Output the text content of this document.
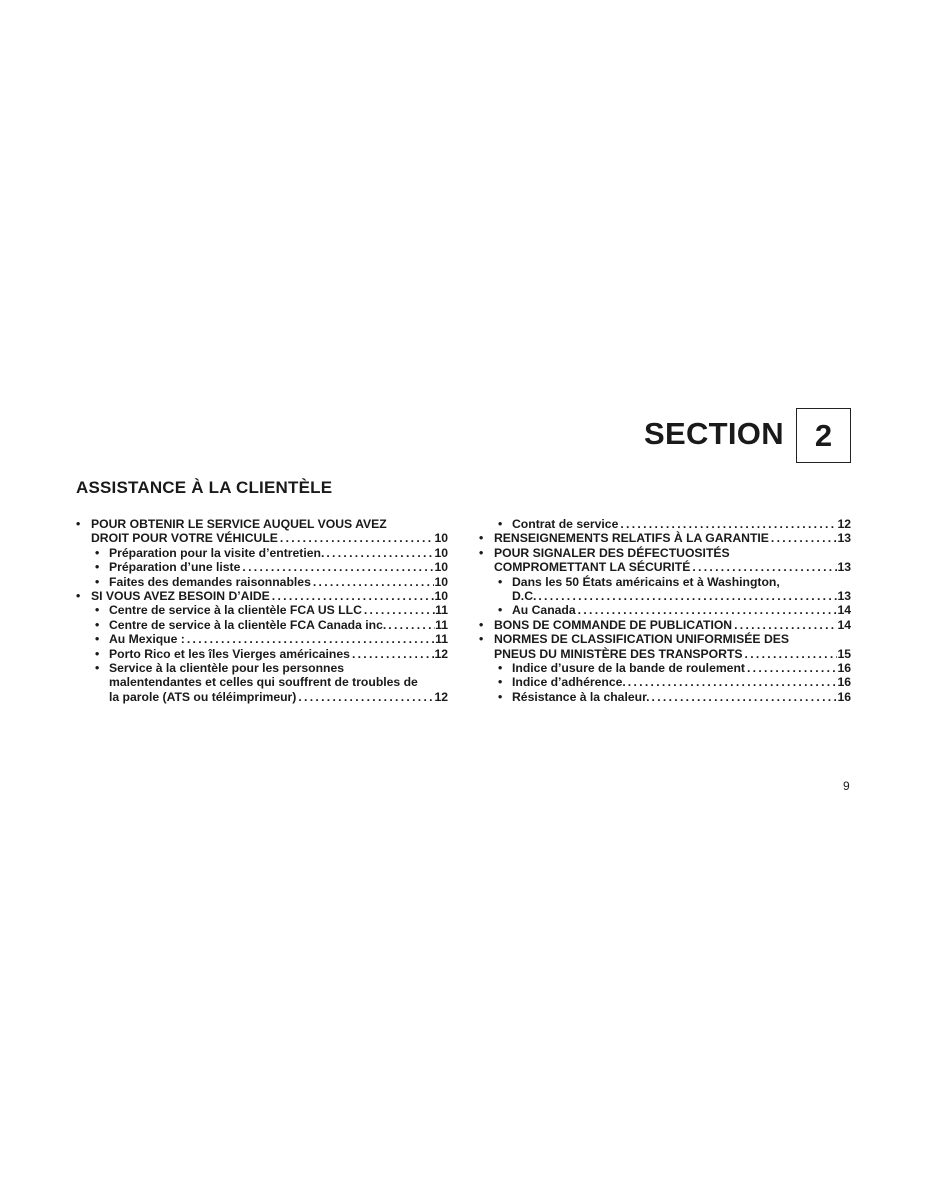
SECTION 2
ASSISTANCE À LA CLIENTÈLE
• POUR OBTENIR LE SERVICE AUQUEL VOUS AVEZ
DROIT POUR VOTRE VÉHICULE .....	10
• Préparation pour la visite d’entretien. .....	10
• Préparation d’une liste .....	10
• Faites des demandes raisonnables .....	10
• SI VOUS AVEZ BESOIN D’AIDE .....	10
• Centre de service à la clientèle FCA US LLC .....	11
• Centre de service à la clientèle FCA Canada inc. .....	11
• Au Mexique : .....	11
• Porto Rico et les îles Vierges américaines .....	12
• Service à la clientèle pour les personnes
malentendantes et celles qui souffrent de troubles de
la parole (ATS ou téléimprimeur) .....	12
• Contrat de service .....	12
• RENSEIGNEMENTS RELATIFS À LA GARANTIE .....	13
• POUR SIGNALER DES DÉFECTUOSITÉS
COMPROMETTANT LA SÉCURITÉ .....	13
• Dans les 50 États américains et à Washington,
D.C. .....	13
• Au Canada .....	14
• BONS DE COMMANDE DE PUBLICATION .....	14
• NORMES DE CLASSIFICATION UNIFORMISÉE DES
PNEUS DU MINISTÈRE DES TRANSPORTS .....	15
• Indice d’usure de la bande de roulement .....	16
• Indice d’adhérence. .....	16
• Résistance à la chaleur. .....	16
9
